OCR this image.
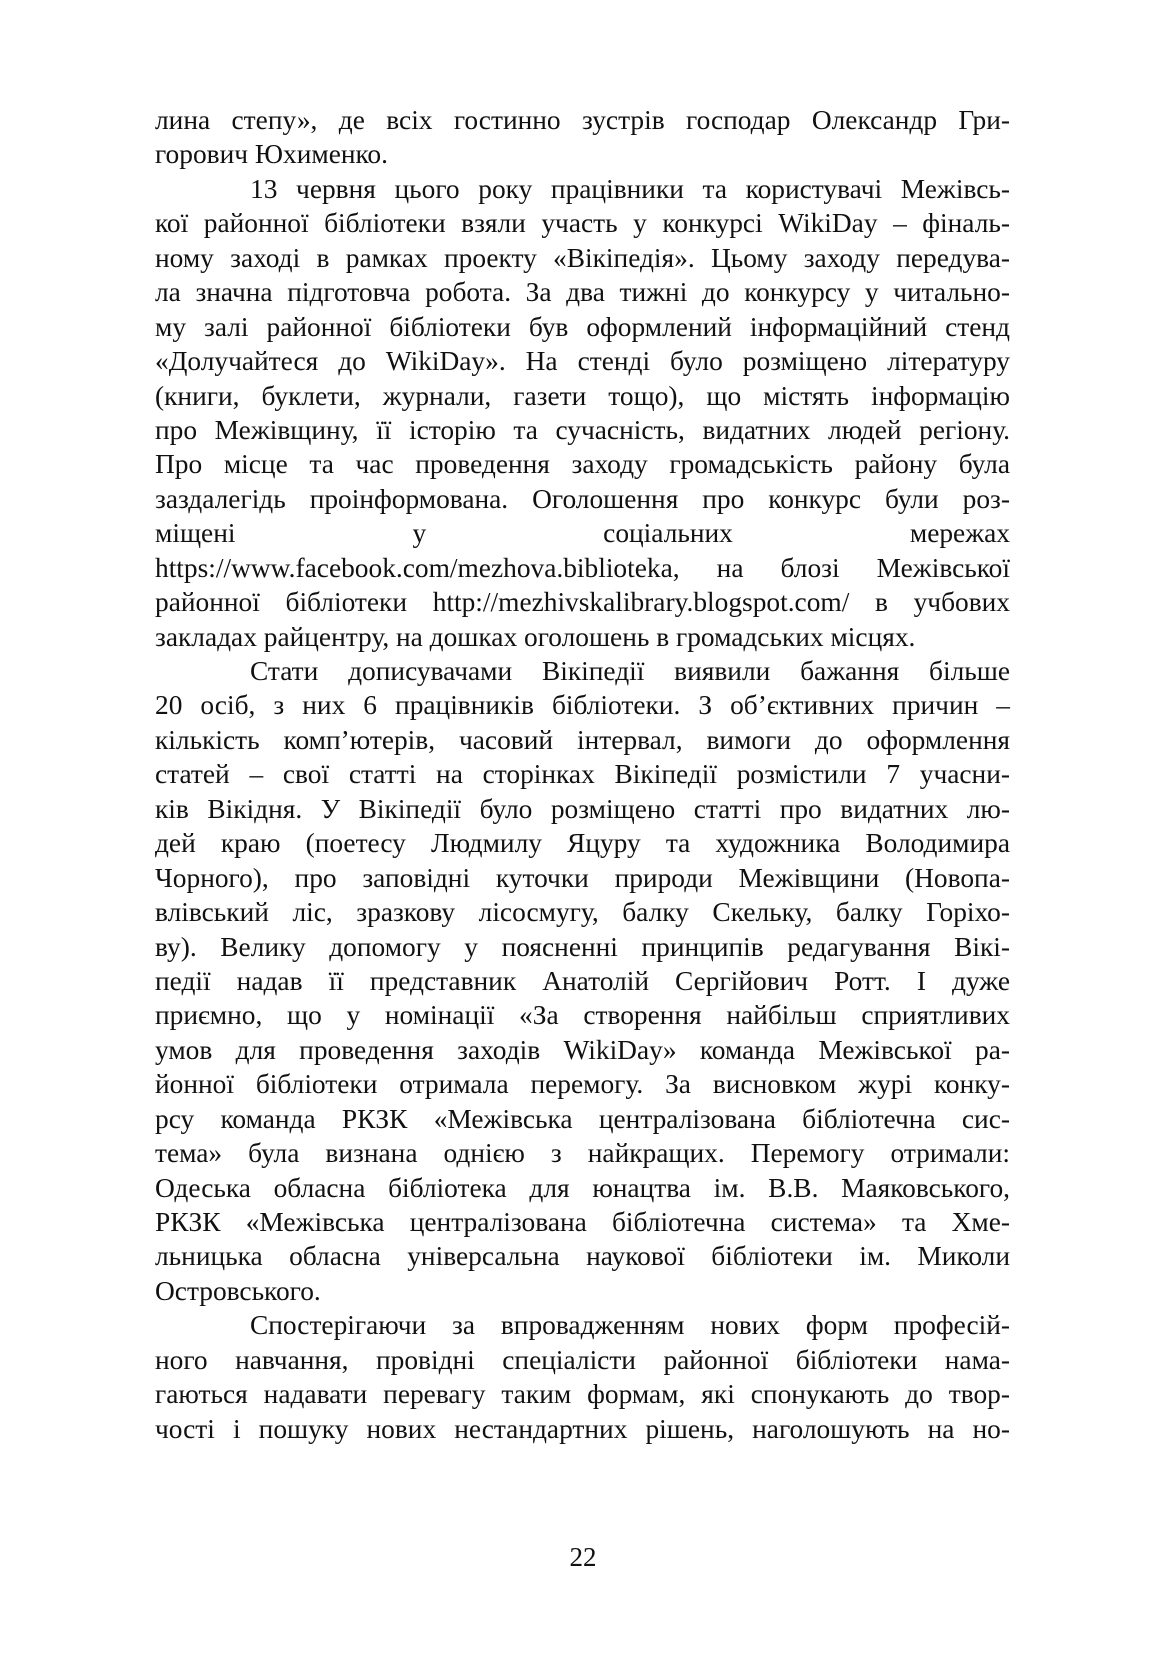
лина степу», де всіх гостинно зустрів господар Олександр Гри-
горович Юхименко.
13 червня цього року працівники та користувачі Межівсь-
кої районної бібліотеки взяли участь у конкурсі WikiDay – фіналь-
ному заході в рамках проекту «Вікіпедія». Цьому заходу передува-
ла значна підготовча робота. За два тижні до конкурсу у читально-
му залі районної бібліотеки був оформлений інформаційний стенд
«Долучайтеся до WikiDay». На стенді було розміщено літературу
(книги, буклети, журнали, газети тощо), що містять інформацію
про Межівщину, її історію та сучасність, видатних людей регіону.
Про місце та час проведення заходу громадськість району була
заздалегідь проінформована. Оголошення про конкурс були роз-
міщені у соціальних мережах
https://www.facebook.com/mezhova.biblioteka, на блозі Межівської
районної бібліотеки http://mezhivskalibrary.blogspot.com/ в учбових
закладах райцентру, на дошках оголошень в громадських місцях.
Стати дописувачами Вікіпедії виявили бажання більше
20 осіб, з них 6 працівників бібліотеки. З об’єктивних причин –
кількість комп’ютерів, часовий інтервал, вимоги до оформлення
статей – свої статті на сторінках Вікіпедії розмістили 7 учасни-
ків Вікідня. У Вікіпедії було розміщено статті про видатних лю-
дей краю (поетесу Людмилу Яцуру та художника Володимира
Чорного), про заповідні куточки природи Межівщини (Новопа-
влівський ліс, зразкову лісосмугу, балку Скельку, балку Горіхо-
ву). Велику допомогу у поясненні принципів редагування Вікі-
педії надав її представник Анатолій Сергійович Ротт. І дуже
приємно, що у номінації «За створення найбільш сприятливих
умов для проведення заходів WikiDay» команда Межівської ра-
йонної бібліотеки отримала перемогу. За висновком журі конку-
рсу команда РКЗК «Межівська централізована бібліотечна сис-
тема» була визнана однією з найкращих. Перемогу отримали:
Одеська обласна бібліотека для юнацтва ім. В.В. Маяковського,
РКЗК «Межівська централізована бібліотечна система» та Хме-
льницька обласна універсальна наукової бібліотеки ім. Миколи
Островського.
Спостерігаючи за впровадженням нових форм професій-
ного навчання, провідні спеціалісти районної бібліотеки нама-
гаються надавати перевагу таким формам, які спонукають до твор-
чості і пошуку нових нестандартних рішень, наголошують на но-
22
